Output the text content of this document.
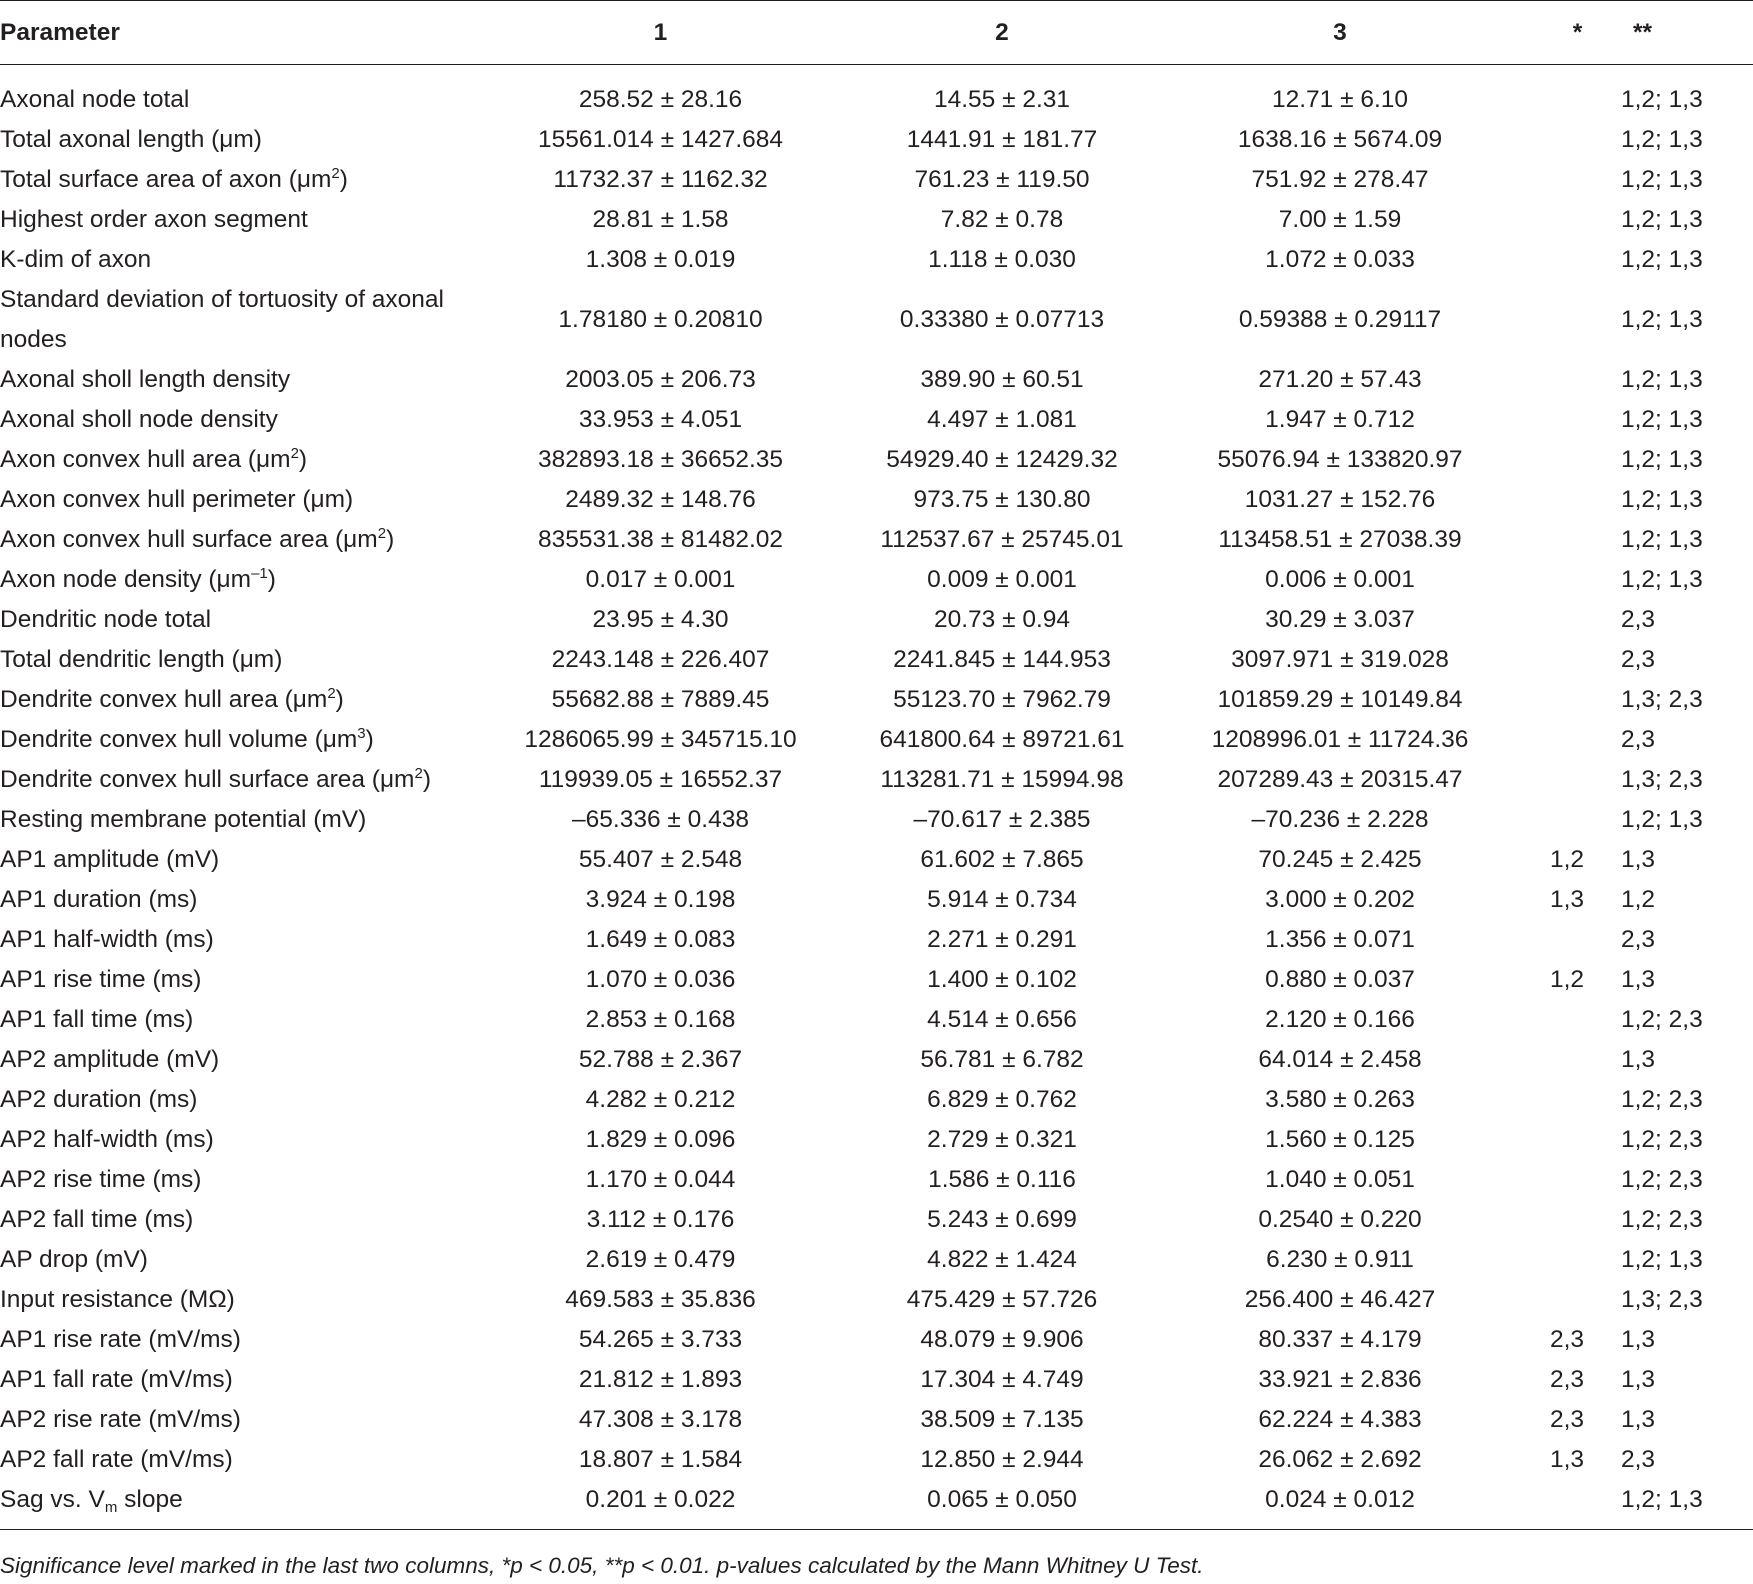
Parameter	1	2	3	*	**
Axonal node total	258.52 ± 28.16	14.55 ± 2.31	12.71 ± 6.10		1,2; 1,3
Total axonal length (μm)	15561.014 ± 1427.684	1441.91 ± 181.77	1638.16 ± 5674.09		1,2; 1,3
Total surface area of axon $(\mu m^2)$	11732.37 ± 1162.32	761.23 ± 119.50	751.92 ± 278.47		1,2; 1,3
Highest order axon segment	28.81 ± 1.58	7.82 ± 0.78	7.00 ± 1.59		1,2; 1,3
K-dim of axon	1.308 ± 0.019	1.118 ± 0.030	1.072 ± 0.033		1,2; 1,3
Standard deviation of tortuosity of axonal nodes	1.78180 ± 0.20810	0.33380 ± 0.07713	0.59388 ± 0.29117		1,2; 1,3
Axonal sholl length density	2003.05 ± 206.73	389.90 ± 60.51	271.20 ± 57.43		1,2; 1,3
Axonal sholl node density	33.953 ± 4.051	4.497 ± 1.081	1.947 ± 0.712		1,2; 1,3
Axon convex hull area $(\mu m^2)$	382893.18 ± 36652.35	54929.40 ± 12429.32	55076.94 ± 133820.97		1,2; 1,3
Axon convex hull perimeter (μm)	2489.32 ± 148.76	973.75 ± 130.80	1031.27 ± 152.76		1,2; 1,3
Axon convex hull surface area $(\mu m^2)$	835531.38 ± 81482.02	112537.67 ± 25745.01	113458.51 ± 27038.39		1,2; 1,3
Axon node density $(\mu m^{-1})$	0.017 ± 0.001	0.009 ± 0.001	0.006 ± 0.001		1,2; 1,3
Dendritic node total	23.95 ± 4.30	20.73 ± 0.94	30.29 ± 3.037		2,3
Total dendritic length (μm)	2243.148 ± 226.407	2241.845 ± 144.953	3097.971 ± 319.028		2,3
Dendrite convex hull area $(\mu m^2)$	55682.88 ± 7889.45	55123.70 ± 7962.79	101859.29 ± 10149.84		1,3; 2,3
Dendrite convex hull volume $(\mu m^3)$	1286065.99 ± 345715.10	641800.64 ± 89721.61	1208996.01 ± 11724.36		2,3
Dendrite convex hull surface area $(\mu m^2)$	119939.05 ± 16552.37	113281.71 ± 15994.98	207289.43 ± 20315.47		1,3; 2,3
Resting membrane potential (mV)	–65.336 ± 0.438	–70.617 ± 2.385	–70.236 ± 2.228		1,2; 1,3
AP1 amplitude (mV)	55.407 ± 2.548	61.602 ± 7.865	70.245 ± 2.425	1,2	1,3
AP1 duration (ms)	3.924 ± 0.198	5.914 ± 0.734	3.000 ± 0.202	1,3	1,2
AP1 half-width (ms)	1.649 ± 0.083	2.271 ± 0.291	1.356 ± 0.071		2,3
AP1 rise time (ms)	1.070 ± 0.036	1.400 ± 0.102	0.880 ± 0.037	1,2	1,3
AP1 fall time (ms)	2.853 ± 0.168	4.514 ± 0.656	2.120 ± 0.166		1,2; 2,3
AP2 amplitude (mV)	52.788 ± 2.367	56.781 ± 6.782	64.014 ± 2.458		1,3
AP2 duration (ms)	4.282 ± 0.212	6.829 ± 0.762	3.580 ± 0.263		1,2; 2,3
AP2 half-width (ms)	1.829 ± 0.096	2.729 ± 0.321	1.560 ± 0.125		1,2; 2,3
AP2 rise time (ms)	1.170 ± 0.044	1.586 ± 0.116	1.040 ± 0.051		1,2; 2,3
AP2 fall time (ms)	3.112 ± 0.176	5.243 ± 0.699	0.2540 ± 0.220		1,2; 2,3
AP drop (mV)	2.619 ± 0.479	4.822 ± 1.424	6.230 ± 0.911		1,2; 1,3
Input resistance (MΩ)	469.583 ± 35.836	475.429 ± 57.726	256.400 ± 46.427		1,3; 2,3
AP1 rise rate (mV/ms)	54.265 ± 3.733	48.079 ± 9.906	80.337 ± 4.179	2,3	1,3
AP1 fall rate (mV/ms)	21.812 ± 1.893	17.304 ± 4.749	33.921 ± 2.836	2,3	1,3
AP2 rise rate (mV/ms)	47.308 ± 3.178	38.509 ± 7.135	62.224 ± 4.383	2,3	1,3
AP2 fall rate (mV/ms)	18.807 ± 1.584	12.850 ± 2.944	26.062 ± 2.692	1,3	2,3
Sag vs. $V_m$ slope	0.201 ± 0.022	0.065 ± 0.050	0.024 ± 0.012		1,2; 1,3

Significance level marked in the last two columns, *p < 0.05, **p < 0.01. p-values calculated by the Mann Whitney U Test.
